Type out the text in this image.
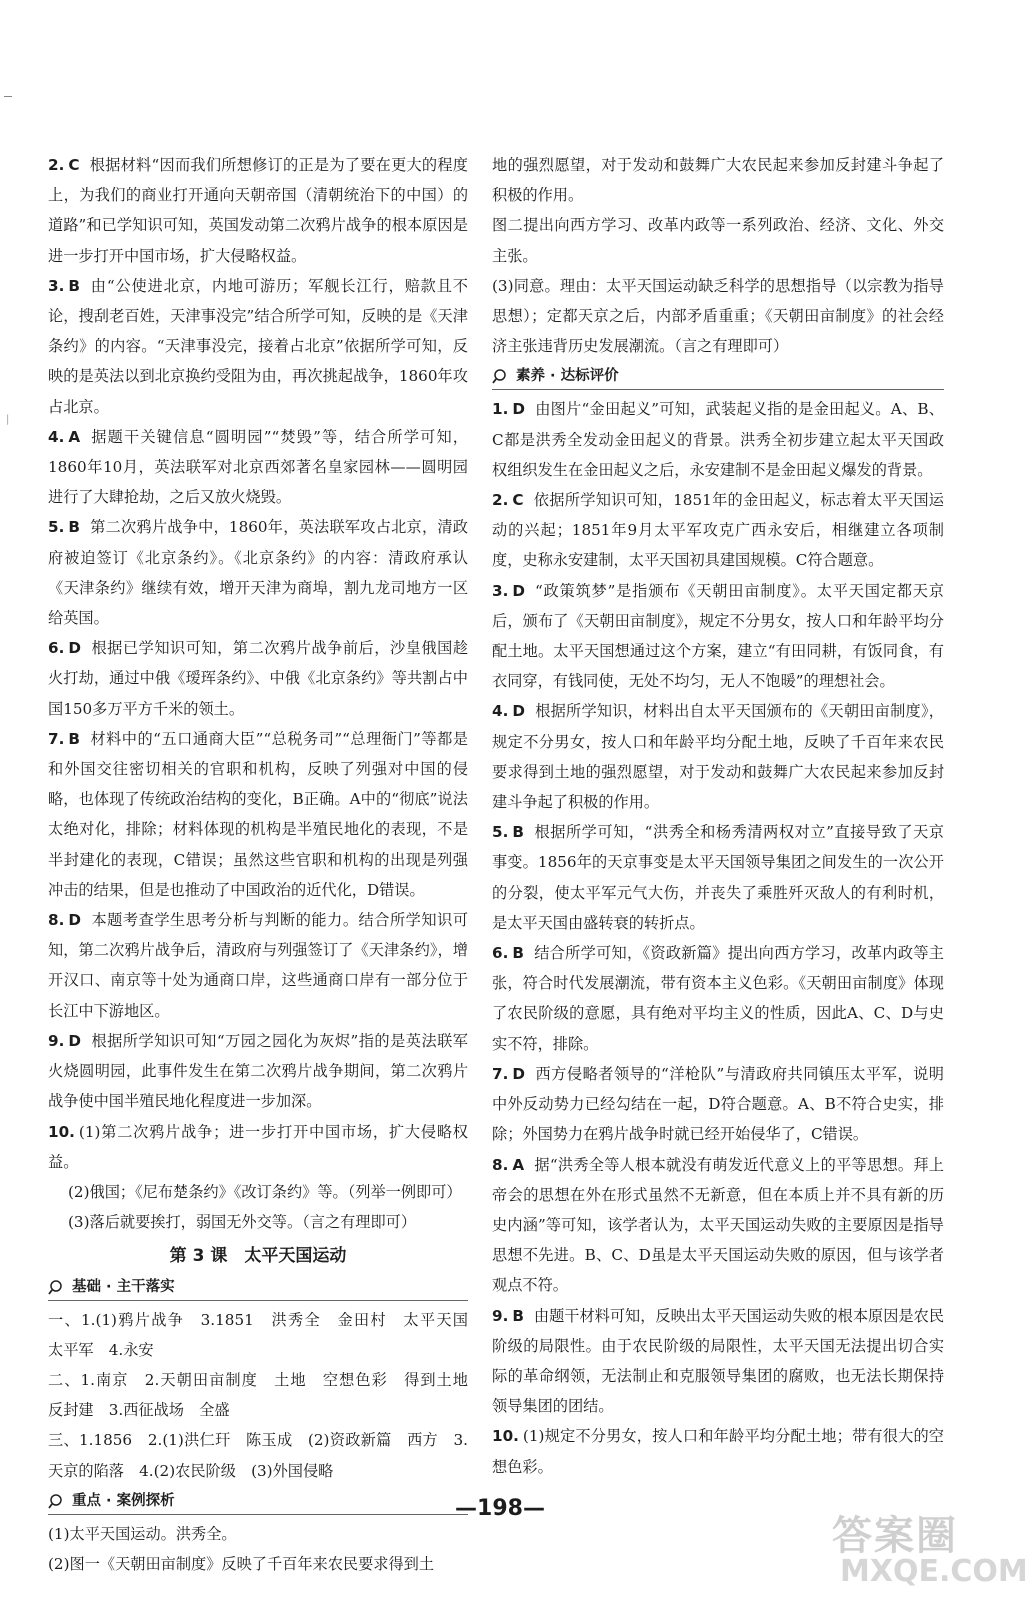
|

2. C 根据材料“因而我们所想修订的正是为了要在更大的程度上，为我们的商业打开通向天朝帝国（清朝统治下的中国）的道路”和已学知识可知，英国发动第二次鸦片战争的根本原因是进一步打开中国市场，扩大侵略权益。

3. B 由“公使进北京，内地可游历；军舰长江行，赔款且不论，搜刮老百姓，天津事没完”结合所学可知，反映的是《天津条约》的内容。“天津事没完，接着占北京”依据所学可知，反映的是英法以到北京换约受阻为由，再次挑起战争，1860年攻占北京。

4. A 据题干关键信息“圆明园”“焚毁”等，结合所学可知，1860年10月，英法联军对北京西郊著名皇家园林——圆明园进行了大肆抢劫，之后又放火烧毁。

5. B 第二次鸦片战争中，1860年，英法联军攻占北京，清政府被迫签订《北京条约》。《北京条约》的内容：清政府承认《天津条约》继续有效，增开天津为商埠，割九龙司地方一区给英国。

6. D 根据已学知识可知，第二次鸦片战争前后，沙皇俄国趁火打劫，通过中俄《瑷珲条约》、中俄《北京条约》等共割占中国150多万平方千米的领土。

7. B 材料中的“五口通商大臣”“总税务司”“总理衙门”等都是和外国交往密切相关的官职和机构，反映了列强对中国的侵略，也体现了传统政治结构的变化，B正确。A中的“彻底”说法太绝对化，排除；材料体现的机构是半殖民地化的表现，不是半封建化的表现，C错误；虽然这些官职和机构的出现是列强冲击的结果，但是也推动了中国政治的近代化，D错误。

8. D 本题考查学生思考分析与判断的能力。结合所学知识可知，第二次鸦片战争后，清政府与列强签订了《天津条约》，增开汉口、南京等十处为通商口岸，这些通商口岸有一部分位于长江中下游地区。

9. D 根据所学知识可知“万园之园化为灰烬”指的是英法联军火烧圆明园，此事件发生在第二次鸦片战争期间，第二次鸦片战争使中国半殖民地化程度进一步加深。

10. (1)第二次鸦片战争；进一步打开中国市场，扩大侵略权益。

(2)俄国；《尼布楚条约》《改订条约》等。（列举一例即可）

(3)落后就要挨打，弱国无外交等。（言之有理即可）

第 3 课　太平天国运动
基础 · 主干落实

一、1.(1)鸦片战争　3.1851　洪秀全　金田村　太平天国　太平军　4.永安

二、1.南京　2.天朝田亩制度　土地　空想色彩　得到土地　反封建　3.西征战场　全盛

三、1.1856　2.(1)洪仁玕　陈玉成　(2)资政新篇　西方　3.天京的陷落　4.(2)农民阶级　(3)外国侵略

重点 · 案例探析

(1)太平天国运动。洪秀全。

(2)图一《天朝田亩制度》反映了千百年来农民要求得到土

地的强烈愿望，对于发动和鼓舞广大农民起来参加反封建斗争起了积极的作用。

图二提出向西方学习、改革内政等一系列政治、经济、文化、外交主张。

(3)同意。理由：太平天国运动缺乏科学的思想指导（以宗教为指导思想）；定都天京之后，内部矛盾重重；《天朝田亩制度》的社会经济主张违背历史发展潮流。（言之有理即可）

素养 · 达标评价

1. D 由图片“金田起义”可知，武装起义指的是金田起义。A、B、C都是洪秀全发动金田起义的背景。洪秀全初步建立起太平天国政权组织发生在金田起义之后，永安建制不是金田起义爆发的背景。

2. C 依据所学知识可知，1851年的金田起义，标志着太平天国运动的兴起；1851年9月太平军攻克广西永安后，相继建立各项制度，史称永安建制，太平天国初具建国规模。C符合题意。

3. D “政策筑梦”是指颁布《天朝田亩制度》。太平天国定都天京后，颁布了《天朝田亩制度》，规定不分男女，按人口和年龄平均分配土地。太平天国想通过这个方案，建立“有田同耕，有饭同食，有衣同穿，有钱同使，无处不均匀，无人不饱暖”的理想社会。

4. D 根据所学知识，材料出自太平天国颁布的《天朝田亩制度》，规定不分男女，按人口和年龄平均分配土地，反映了千百年来农民要求得到土地的强烈愿望，对于发动和鼓舞广大农民起来参加反封建斗争起了积极的作用。

5. B 根据所学可知，“洪秀全和杨秀清两权对立”直接导致了天京事变。1856年的天京事变是太平天国领导集团之间发生的一次公开的分裂，使太平军元气大伤，并丧失了乘胜歼灭敌人的有利时机，是太平天国由盛转衰的转折点。

6. B 结合所学可知，《资政新篇》提出向西方学习，改革内政等主张，符合时代发展潮流，带有资本主义色彩。《天朝田亩制度》体现了农民阶级的意愿，具有绝对平均主义的性质，因此A、C、D与史实不符，排除。

7. D 西方侵略者领导的“洋枪队”与清政府共同镇压太平军，说明中外反动势力已经勾结在一起，D符合题意。A、B不符合史实，排除；外国势力在鸦片战争时就已经开始侵华了，C错误。

8. A 据“洪秀全等人根本就没有萌发近代意义上的平等思想。拜上帝会的思想在外在形式虽然不无新意，但在本质上并不具有新的历史内涵”等可知，该学者认为，太平天国运动失败的主要原因是指导思想不先进。B、C、D虽是太平天国运动失败的原因，但与该学者观点不符。

9. B 由题干材料可知，反映出太平天国运动失败的根本原因是农民阶级的局限性。由于农民阶级的局限性，太平天国无法提出切合实际的革命纲领，无法制止和克服领导集团的腐败，也无法长期保持领导集团的团结。

10. (1)规定不分男女，按人口和年龄平均分配土地；带有很大的空想色彩。

—198—
答案圈
MXQE.COM
